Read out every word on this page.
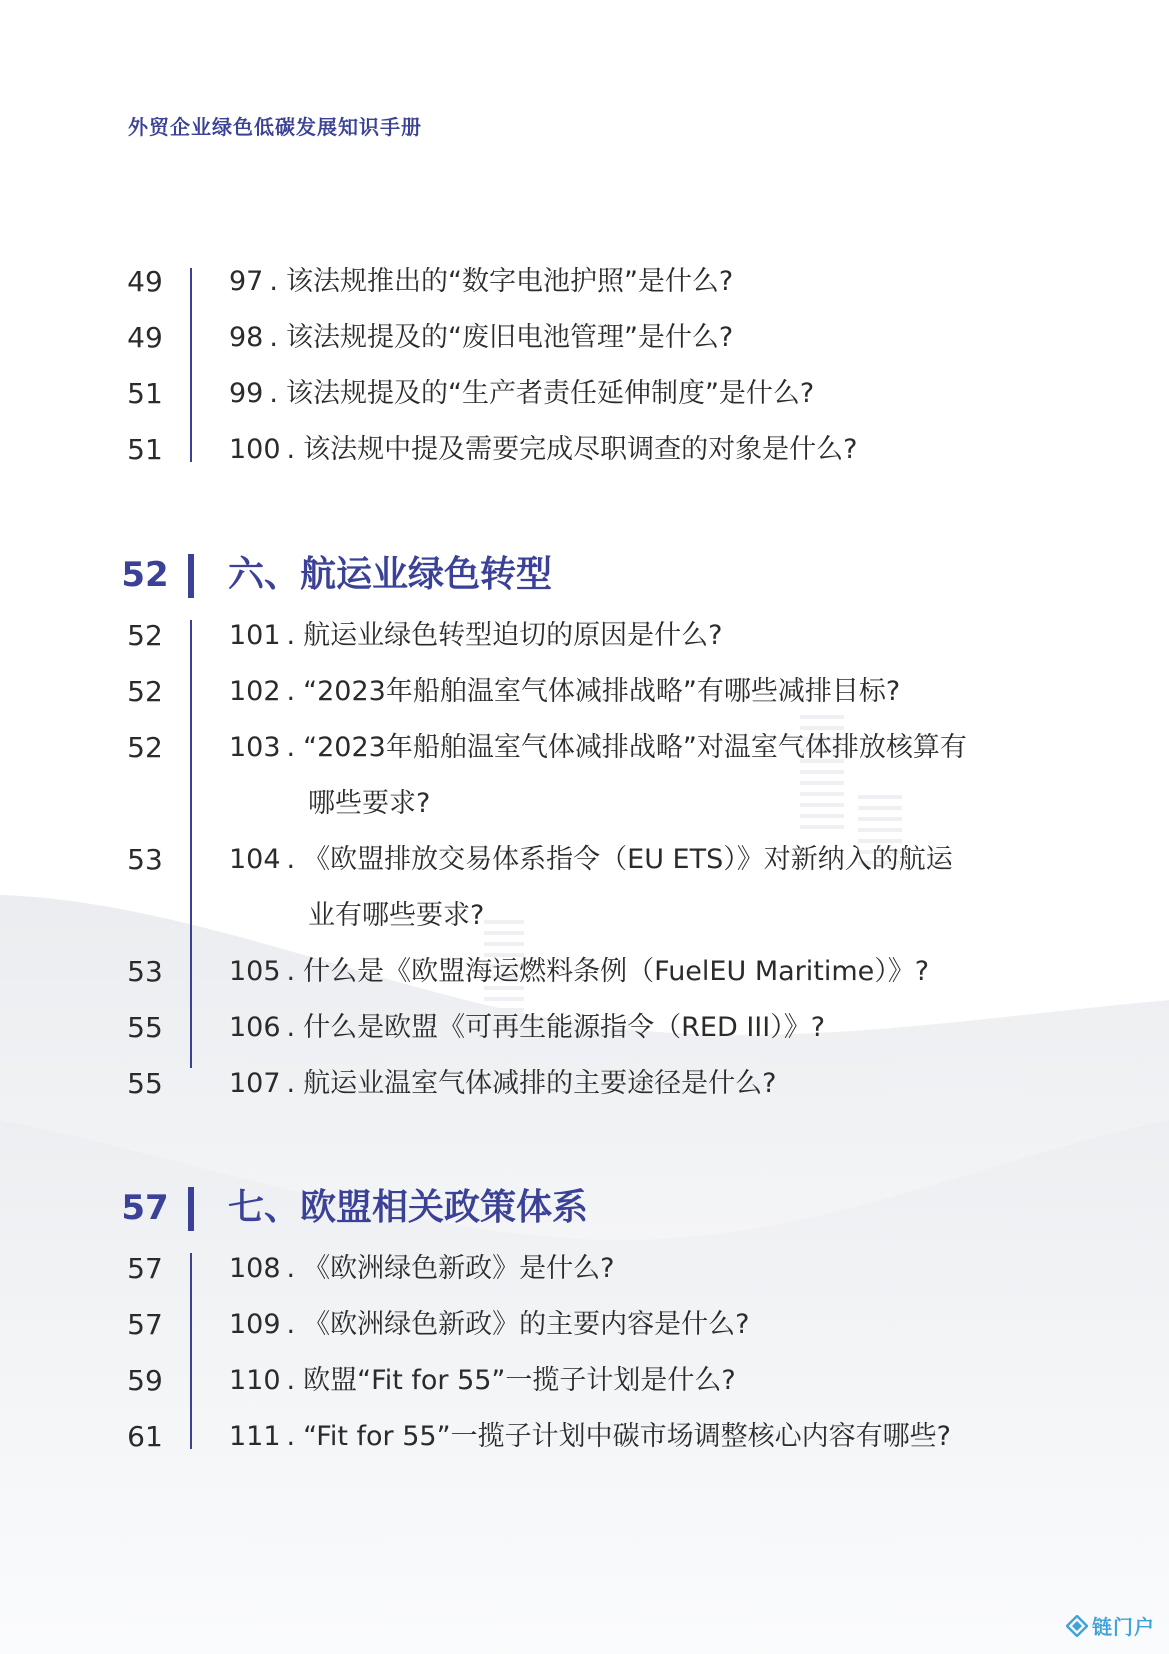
外贸企业绿色低碳发展知识手册
49 97 . 该法规推出的“数字电池护照”是什么?
49 98 . 该法规提及的“废旧电池管理”是什么?
51 99 . 该法规提及的“生产者责任延伸制度”是什么?
51 100 . 该法规中提及需要完成尽职调查的对象是什么?
52 六、航运业绿色转型
52 101 . 航运业绿色转型迫切的原因是什么?
52 102 . “2023年船舶温室气体减排战略”有哪些减排目标?
52 103 . “2023年船舶温室气体减排战略”对温室气体排放核算有
哪些要求?
53 104 . 《欧盟排放交易体系指令（EU ETS）》对新纳入的航运
业有哪些要求?
53 105 . 什么是《欧盟海运燃料条例（FuelEU Maritime）》?
55 106 . 什么是欧盟《可再生能源指令（RED III）》?
55 107 . 航运业温室气体减排的主要途径是什么?
57 七、欧盟相关政策体系
57 108 . 《欧洲绿色新政》是什么?
57 109 . 《欧洲绿色新政》的主要内容是什么?
59 110 . 欧盟“Fit for 55”一揽子计划是什么?
61 111 . “Fit for 55”一揽子计划中碳市场调整核心内容有哪些?
链门户
